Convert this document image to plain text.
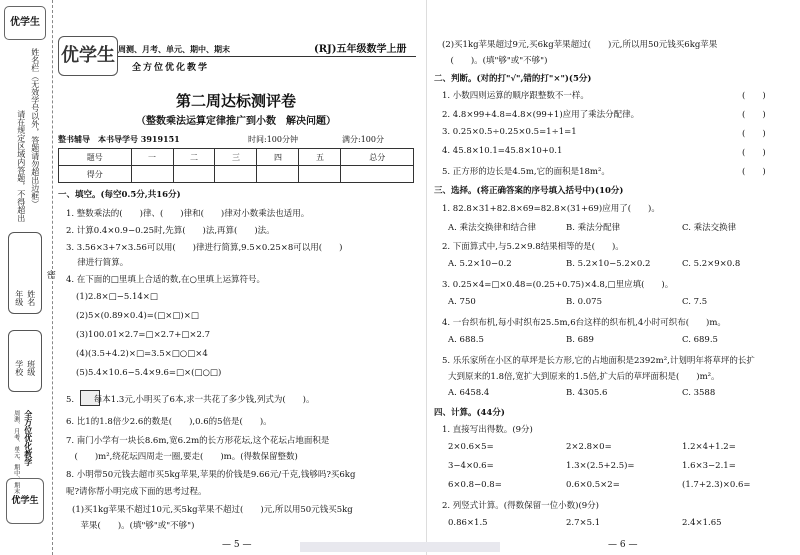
优学生
姓名栏（无效学号以外，答题请勿超出边框）
请在规定区域内答题，不得超出
年级 姓名
学校 班级
密
全方位优化教学
周测、月考、单元、期中、期末
优学生
优学生 周测、月考、单元、期中、期末
全方位优化教学
(RJ)五年级数学上册
第二周达标测评卷
（整数乘法运算定律推广到小数　解决问题）
整书辅导　本书导学号 3919151	时间:100分钟	满分:100分
题号	一	二	三	四	五	总分
得分						
一、填空。(每空0.5分,共16分)
1. 整数乘法的(　　)律、(　　)律和(　　)律对小数乘法也适用。
2. 计算0.4×0.9−0.25时,先算(　　)法,再算(　　)法。
3. 3.56×3+7×3.56可以用(　　)律进行简算,9.5×0.25×8可以用(　　)
　 律进行简算。
4. 在下面的□里填上合适的数,在○里填上运算符号。
(1)2.8×□−5.14×□
(2)5×(0.89×0.4)=(□×□)×□
(3)100.01×2.7=□×2.7+□×2.7
(4)(3.5+4.2)×□=3.5×□○□×4
(5)5.4×10.6−5.4×9.6=□×(□○□)
5. 　　每本1.3元,小明买了6本,求一共花了多少钱,列式为(　　)。
6. 比1的1.8倍少2.6的数是(　　),0.6的5倍是(　　)。
7. 南门小学有一块长8.6m,宽6.2m的长方形花坛,这个花坛占地面积是
　(　　)m²,绕花坛四周走一圈,要走(　　)m。(得数保留整数)
8. 小明带50元钱去超市买5kg苹果,苹果的价钱是9.66元/千克,钱够吗?买6kg
呢?请你帮小明完成下面的思考过程。
(1)买1kg苹果不超过10元,买5kg苹果不超过(　　)元,所以用50元钱买5kg
　苹果(　　)。(填"够"或"不够")
— 5 —
(2)买1kg苹果超过9元,买6kg苹果超过(　　)元,所以用50元钱买6kg苹果
　(　　)。(填"够"或"不够")
二、判断。(对的打"√",错的打"×")(5分)
1. 小数四则运算的顺序跟整数不一样。
2. 4.8×99+4.8=4.8×(99+1)应用了乘法分配律。
3. 0.25×0.5÷0.25×0.5=1÷1=1
4. 45.8×10.1=45.8×10+0.1
5. 正方形的边长是4.5m,它的面积是18m²。
(　　)
(　　)
(　　)
(　　)
(　　)
三、选择。(将正确答案的序号填入括号中)(10分)
1. 82.8×31+82.8×69=82.8×(31+69)应用了(　　)。
A. 乘法交换律和结合律	B. 乘法分配律	C. 乘法交换律
2. 下面算式中,与5.2×9.8结果相等的是(　　)。
A. 5.2×10−0.2	B. 5.2×10−5.2×0.2	C. 5.2×9×0.8
3. 0.25×4=□×0.48=(0.25+0.75)×4.8,□里应填(　　)。
A. 750	B. 0.075	C. 7.5
4. 一台织布机,每小时织布25.5m,6台这样的织布机,4小时可织布(　　)m。
A. 688.5	B. 689	C. 689.5
5. 乐乐家所在小区的草坪是长方形,它的占地面积是2392m²,计划明年将草坪的长扩
大到原来的1.8倍,宽扩大到原来的1.5倍,扩大后的草坪面积是(　　)m²。
A. 6458.4	B. 4305.6	C. 3588
四、计算。(44分)
1. 直接写出得数。(9分)
2×0.6×5=	2×2.8×0=	1.2×4+1.2=
3−4×0.6=	1.3×(2.5+2.5)=	1.6×3−2.1=
6×0.8−0.8=	0.6×0.5×2=	(1.7+2.3)×0.6=
2. 列竖式计算。(得数保留一位小数)(9分)
0.86×1.5	2.7×5.1	2.4×1.65
— 6 —
